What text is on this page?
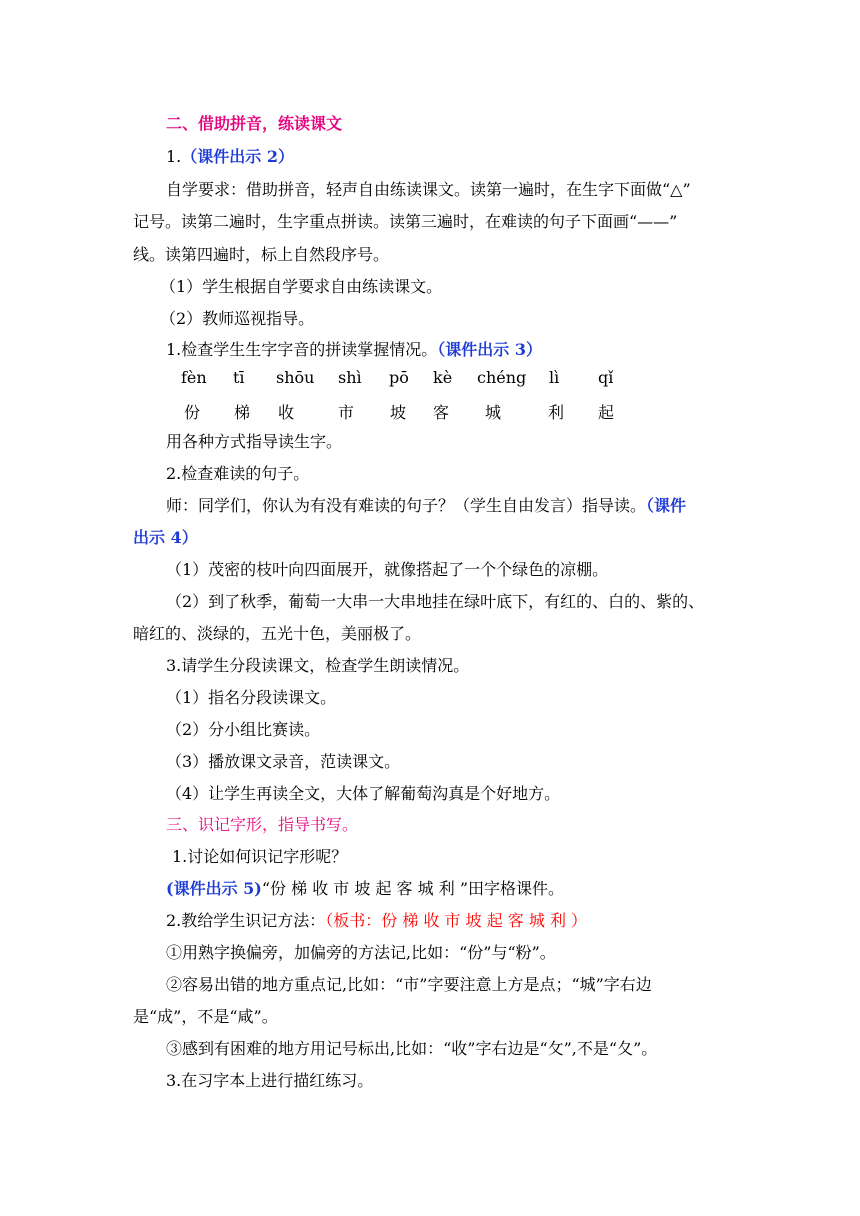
二、借助拼音，练读课文
1.（课件出示 2）
自学要求：借助拼音，轻声自由练读课文。读第一遍时，在生字下面做“△”
记号。读第二遍时，生字重点拼读。读第三遍时，在难读的句子下面画“——”
线。读第四遍时，标上自然段序号。
（1）学生根据自学要求自由练读课文。
（2）教师巡视指导。
1.检查学生生字字音的拼读掌握情况。（课件出示 3）
fèn tī shōu shì pō kè chéng lì qǐ
份 梯 收	市 坡 客 城	利 起
用各种方式指导读生字。
2.检查难读的句子。
师：同学们，你认为有没有难读的句子？（学生自由发言）指导读。（课件
出示 4）
（1）茂密的枝叶向四面展开，就像搭起了一个个绿色的凉棚。
（2）到了秋季，葡萄一大串一大串地挂在绿叶底下，有红的、白的、紫的、
暗红的、淡绿的，五光十色，美丽极了。
3.请学生分段读课文，检查学生朗读情况。
（1）指名分段读课文。
（2）分小组比赛读。
（3）播放课文录音，范读课文。
（4）让学生再读全文，大体了解葡萄沟真是个好地方。
三、识记字形，指导书写。
1.讨论如何识记字形呢？
(课件出示 5)“份 梯 收 市 坡 起 客 城 利 ”田字格课件。
2.教给学生识记方法：（板书：份 梯 收 市 坡 起 客 城 利 ）
①用熟字换偏旁，加偏旁的方法记,比如：“份”与“粉”。
②容易出错的地方重点记,比如：“市”字要注意上方是点；“城”字右边
是“成”，不是“咸”。
③感到有困难的地方用记号标出,比如：“收”字右边是“攵”,不是“夂”。
3.在习字本上进行描红练习。
